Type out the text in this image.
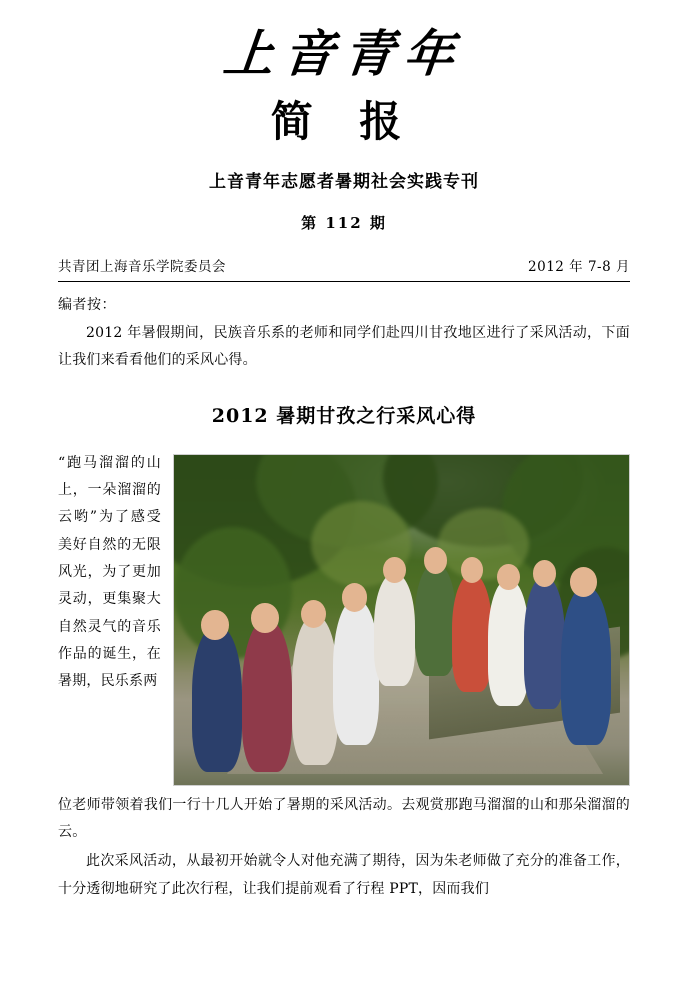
上音青年
简 报
上音青年志愿者暑期社会实践专刊
第 112 期
共青团上海音乐学院委员会	2012 年 7-8 月
编者按：

2012 年暑假期间，民族音乐系的老师和同学们赴四川甘孜地区进行了采风活动，下面让我们来看看他们的采风心得。

2012 暑期甘孜之行采风心得
“跑马溜溜的山上，一朵溜溜的云哟”为了感受美好自然的无限风光，为了更加灵动，更集聚大自然灵气的音乐作品的诞生，在暑期，民乐系两

位老师带领着我们一行十几人开始了暑期的采风活动。去观赏那跑马溜溜的山和那朵溜溜的云。

此次采风活动，从最初开始就令人对他充满了期待，因为朱老师做了充分的准备工作，十分透彻地研究了此次行程，让我们提前观看了行程 PPT，因而我们
